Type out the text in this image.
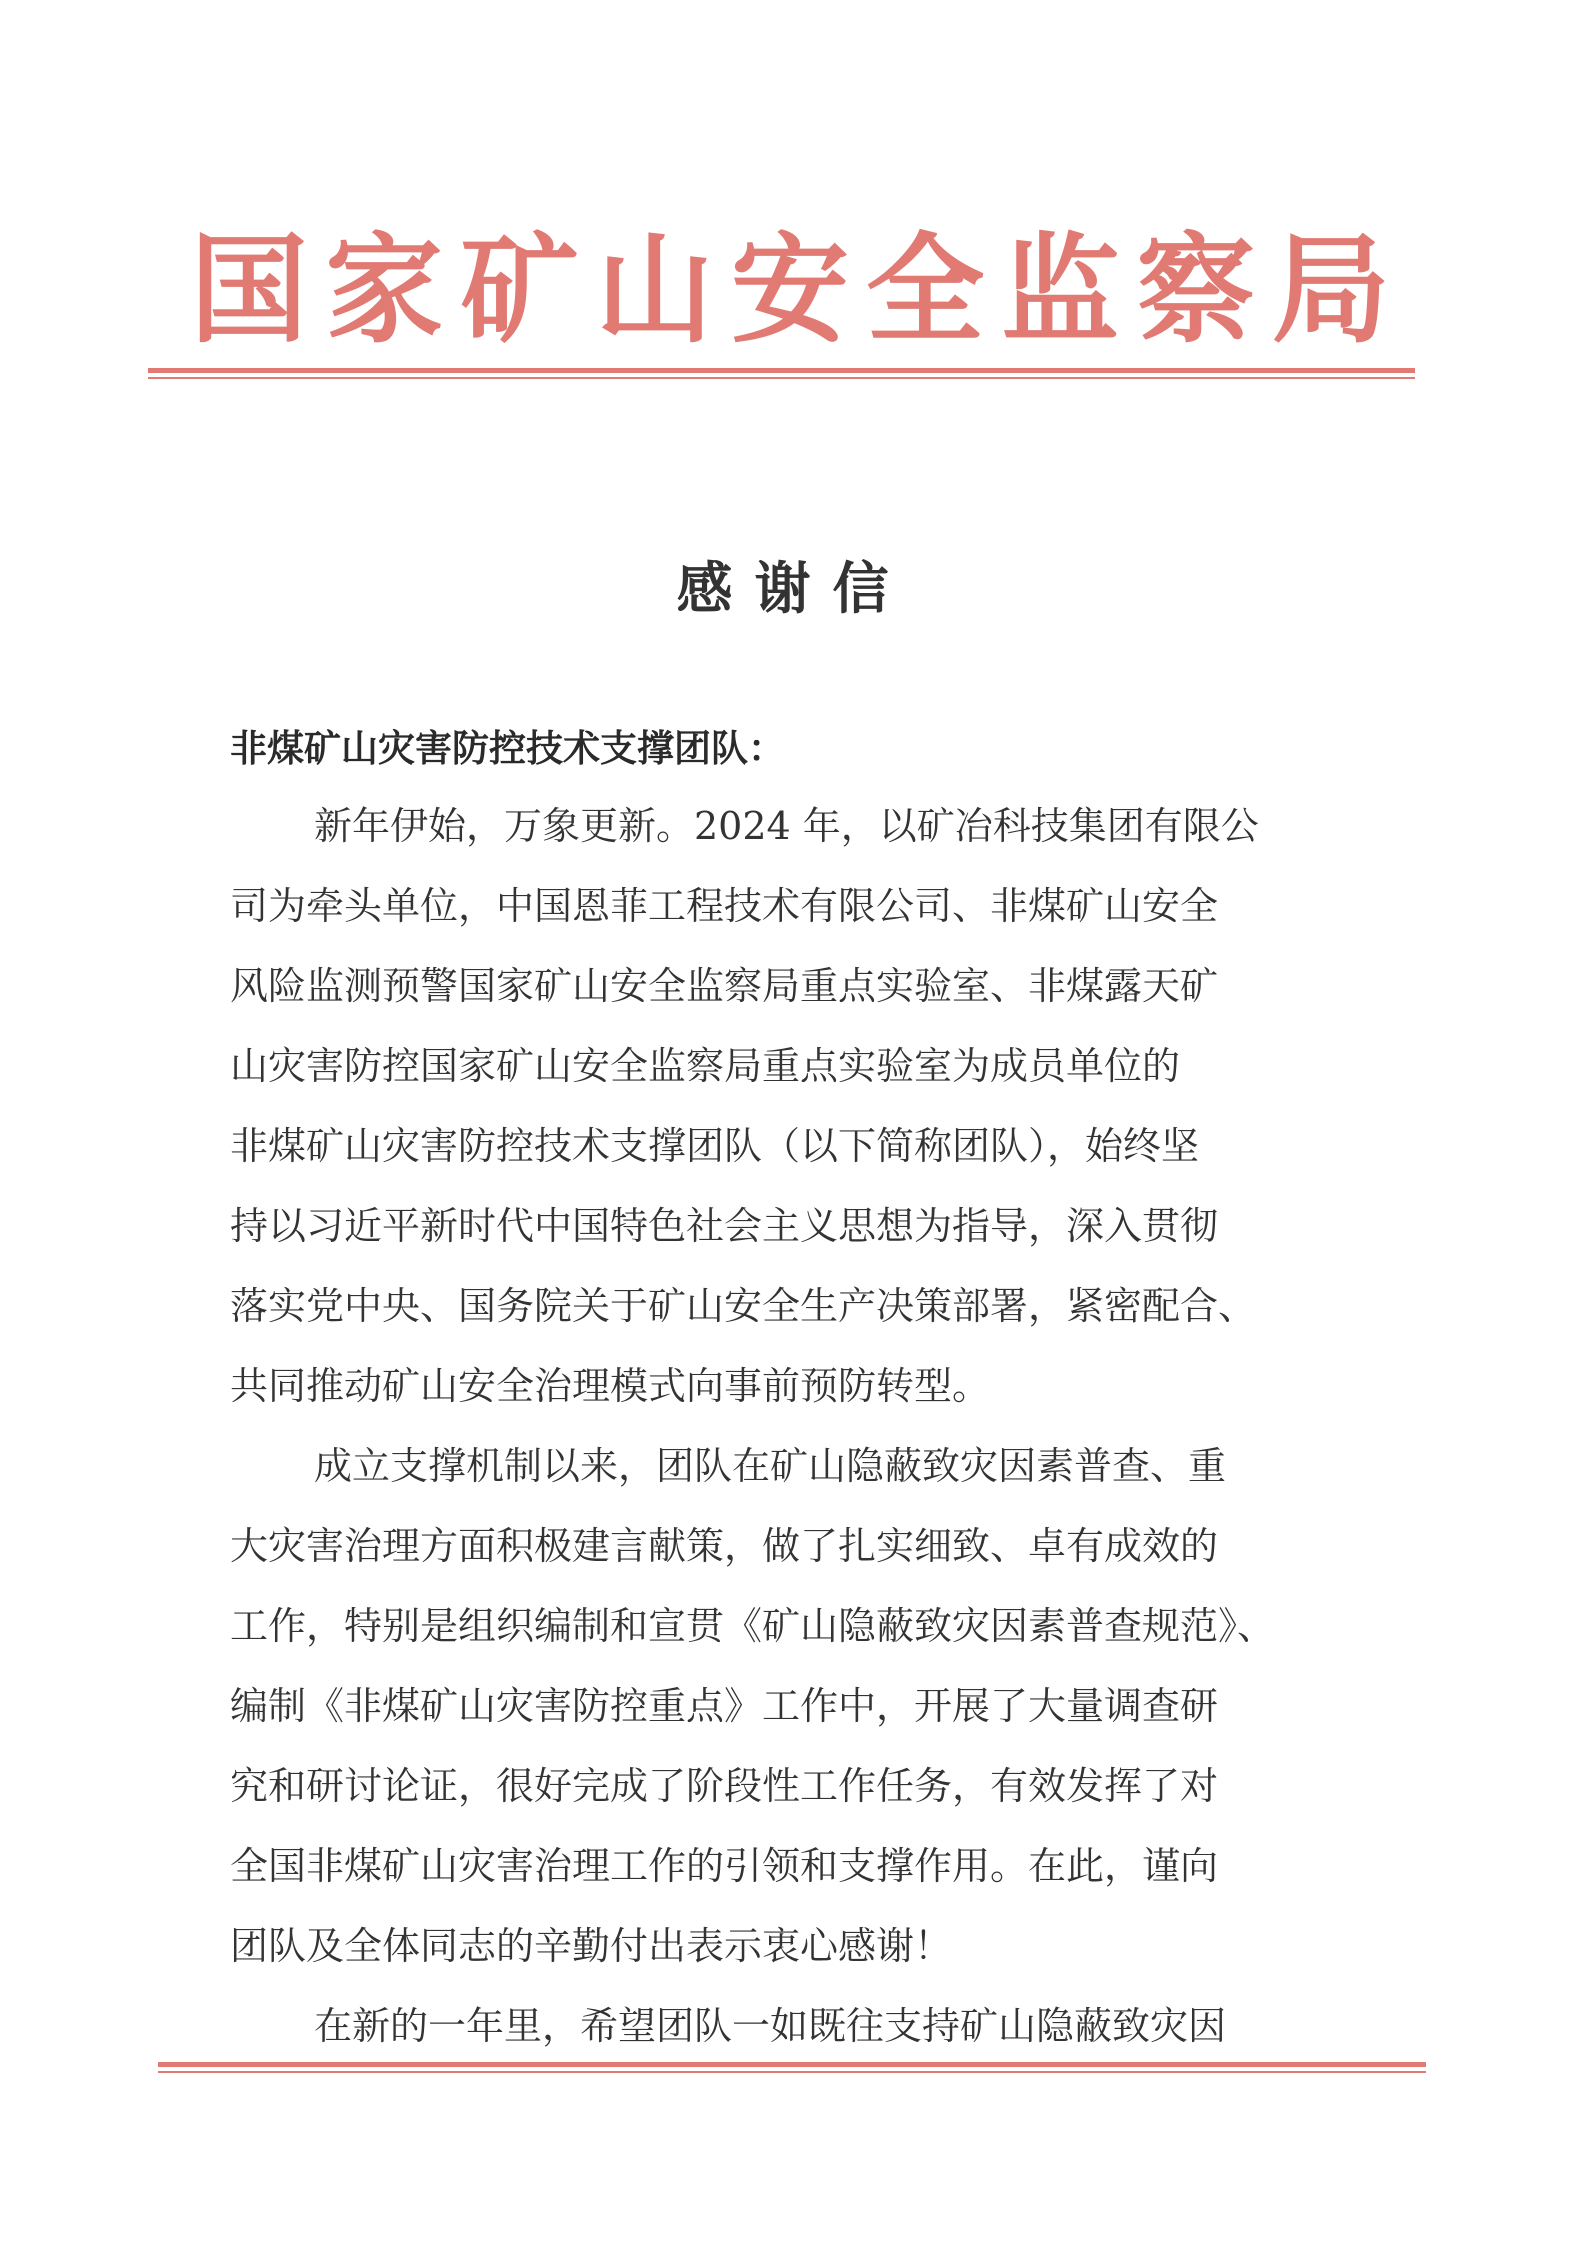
国 家 矿 山 安 全 监 察 局
感谢信
非煤矿山灾害防控技术支撑团队：

新年伊始，万象更新。2024 年，以矿冶科技集团有限公
司为牵头单位，中国恩菲工程技术有限公司、非煤矿山安全
风险监测预警国家矿山安全监察局重点实验室、非煤露天矿
山灾害防控国家矿山安全监察局重点实验室为成员单位的
非煤矿山灾害防控技术支撑团队（以下简称团队），始终坚
持以习近平新时代中国特色社会主义思想为指导，深入贯彻
落实党中央、国务院关于矿山安全生产决策部署，紧密配合、
共同推动矿山安全治理模式向事前预防转型。

成立支撑机制以来，团队在矿山隐蔽致灾因素普查、重
大灾害治理方面积极建言献策，做了扎实细致、卓有成效的
工作，特别是组织编制和宣贯《矿山隐蔽致灾因素普查规范》、
编制《非煤矿山灾害防控重点》工作中，开展了大量调查研
究和研讨论证，很好完成了阶段性工作任务，有效发挥了对
全国非煤矿山灾害治理工作的引领和支撑作用。在此，谨向
团队及全体同志的辛勤付出表示衷心感谢！

在新的一年里，希望团队一如既往支持矿山隐蔽致灾因
